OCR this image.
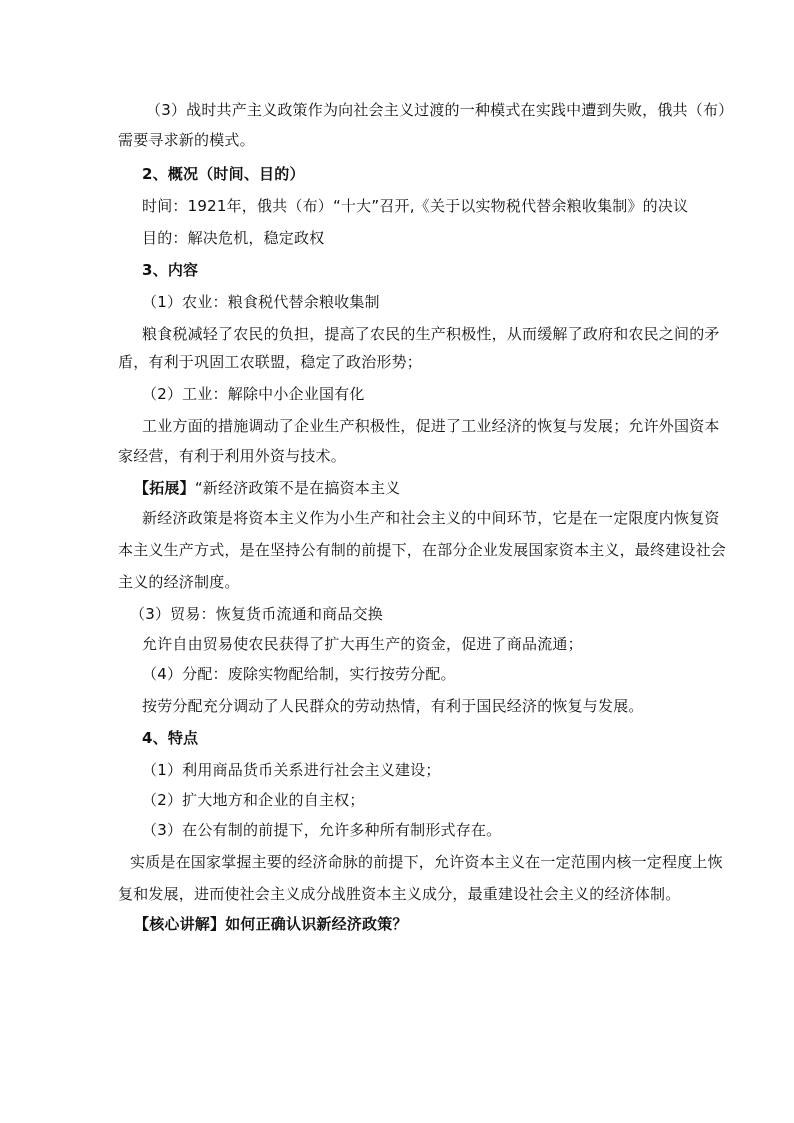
（3）战时共产主义政策作为向社会主义过渡的一种模式在实践中遭到失败，俄共（布）
需要寻求新的模式。
2、概况（时间、目的）
时间：1921年，俄共（布）“十大”召开,《关于以实物税代替余粮收集制》的决议
目的：解决危机，稳定政权
3、内容
（1）农业：粮食税代替余粮收集制
粮食税减轻了农民的负担，提高了农民的生产积极性，从而缓解了政府和农民之间的矛
盾，有利于巩固工农联盟，稳定了政治形势；
（2）工业：解除中小企业国有化
工业方面的措施调动了企业生产积极性，促进了工业经济的恢复与发展；允许外国资本
家经营，有利于利用外资与技术。
【拓展】“新经济政策不是在搞资本主义
新经济政策是将资本主义作为小生产和社会主义的中间环节，它是在一定限度内恢复资
本主义生产方式，是在坚持公有制的前提下，在部分企业发展国家资本主义，最终建设社会
主义的经济制度。
（3）贸易：恢复货币流通和商品交换
允许自由贸易使农民获得了扩大再生产的资金，促进了商品流通；
（4）分配：废除实物配给制，实行按劳分配。
按劳分配充分调动了人民群众的劳动热情，有利于国民经济的恢复与发展。
4、特点
（1）利用商品货币关系进行社会主义建设；
（2）扩大地方和企业的自主权；
（3）在公有制的前提下，允许多种所有制形式存在。
实质是在国家掌握主要的经济命脉的前提下，允许资本主义在一定范围内核一定程度上恢
复和发展，进而使社会主义成分战胜资本主义成分，最重建设社会主义的经济体制。
【核心讲解】如何正确认识新经济政策？
